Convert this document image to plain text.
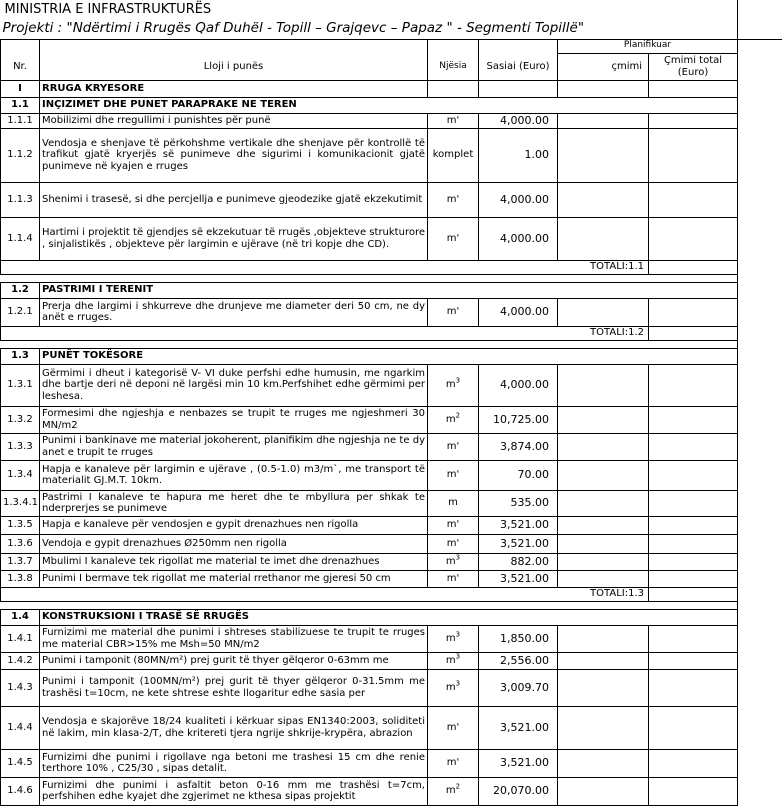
MINISTRIA E INFRASTRUKTURËS						
Projekti : "Ndërtimi i Rrugës Qaf Duhël - Topill – Grajqevc – Papaz " - Segmenti Topillë"						
				Planifikuar		
Nr.	Lloji i punës	Njësia	Sasiai (Euro)	çmimi	Çmimi total (Euro)	
I	RRUGA KRYESORE					
1.1	INÇIZIMET DHE PUNET PARAPRAKE NE TEREN					
1.1.1	Mobilizimi dhe rregullimi i punishtes për punë	m'	4,000.00			
1.1.2	Vendosja e shenjave të përkohshme vertikale dhe shenjave për kontrollë të trafikut gjatë kryerjës së punimeve dhe sigurimi i komunikacionit gjatë punimeve në kyajen e rruges	komplet	1.00			
1.1.3	Shenimi i trasesë, si dhe percjellja e punimeve gjeodezike gjatë ekzekutimit	m'	4,000.00			
1.1.4	Hartimi i projektit të gjendjes së ekzekutuar të rrugës ,objekteve strukturore , sinjalistikës , objekteve për largimin e ujërave (në tri kopje dhe CD).	m'	4,000.00			
				TOTALI:1.1		

1.2	PASTRIMI I TERENIT					
1.2.1	Prerja dhe largimi i shkurreve dhe drunjeve me diameter deri 50 cm, ne dy anët e rruges.	m'	4,000.00			
				TOTALI:1.2		

1.3	PUNËT TOKËSORE					
1.3.1	Gërmimi i dheut i kategorisë V- VI duke perfshi edhe humusin, me ngarkim dhe bartje deri në deponi në largësi min 10 km.Perfshihet edhe gërmimi per leshesa.	$m^3$	4,000.00			
1.3.2	Formesimi dhe ngjeshja e nenbazes se trupit te rruges me ngjeshmeri 30 MN/m2	$m^2$	10,725.00			
1.3.3	Punimi i bankinave me material jokoherent, planifikim dhe ngjeshja ne te dy anet e trupit te rruges	m'	3,874.00			
1.3.4	Hapja e kanaleve për largimin e ujërave , (0.5-1.0) m3/m`, me transport të materialit GJ.M.T. 10km.	m'	70.00			
1.3.4.1	Pastrimi I kanaleve te hapura me heret dhe te mbyllura per shkak te nderprerjes se punimeve	m	535.00			
1.3.5	Hapja e kanaleve për vendosjen e gypit drenazhues nen rigolla	m'	3,521.00			
1.3.6	Vendoja e gypit drenazhues Ø250mm nen rigolla	m'	3,521.00			
1.3.7	Mbulimi I kanaleve tek rigollat me material te imet dhe drenazhues	$m^3$	882.00			
1.3.8	Punimi I bermave tek rigollat me material rrethanor me gjeresi 50 cm	m'	3,521.00			
				TOTALI:1.3		

1.4	KONSTRUKSIONI I TRASË SË RRUGËS					
1.4.1	Furnizimi me material dhe punimi i shtreses stabilizuese te trupit te rruges me material CBR>15% me Msh=50 MN/m2	$m^3$	1,850.00			
1.4.2	Punimi i tamponit (80MN/m²) prej gurit të thyer gëlqeror 0-63mm me	$m^3$	2,556.00			
1.4.3	Punimi i tamponit (100MN/m²) prej gurit të thyer gëlqeror 0-31.5mm me trashësi t=10cm, ne kete shtrese eshte llogaritur edhe sasia per	$m^3$	3,009.70			
1.4.4	Vendosja e skajorëve 18/24 kualiteti i kërkuar sipas EN1340:2003, soliditeti në lakim, min klasa-2/T, dhe kritereti tjera ngrije shkrije-krypëra, abrazion	m'	3,521.00			
1.4.5	Furnizimi dhe punimi i rigollave nga betoni me trashesi 15 cm dhe renie terthore 10% , C25/30 , sipas detalit.	m'	3,521.00			
1.4.6	Furnizimi dhe punimi i asfaltit beton 0-16 mm me trashësi t=7cm, perfshihen edhe kyajet dhe zgjerimet ne kthesa sipas projektit	$m^2$	20,070.00			
